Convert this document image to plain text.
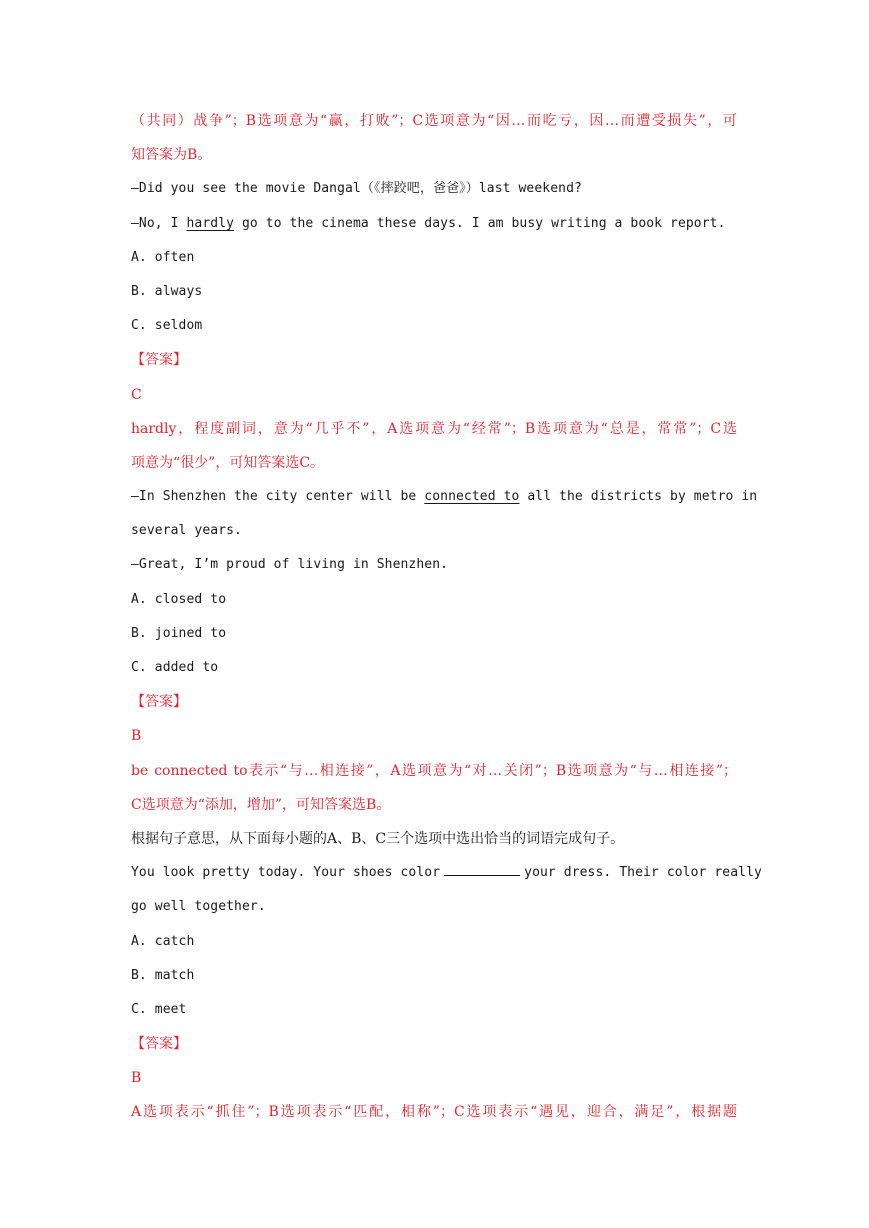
（共同）战争”；B选项意为“赢，打败”；C选项意为“因…而吃亏，因…而遭受损失”，可
知答案为B。
—Did you see the movie Dangal（《摔跤吧，爸爸》）last weekend?
—No, I hardly go to the cinema these days. I am busy writing a book report.
A. often
B. always
C. seldom
【答案】
C
hardly，程度副词，意为“几乎不”，A选项意为“经常”；B选项意为“总是，常常”；C选
项意为“很少”，可知答案选C。
—In Shenzhen the city center will be connected to all the districts by metro in
several years.
—Great, I’m proud of living in Shenzhen.
A. closed to
B. joined to
C. added to
【答案】
B
be connected to表示“与…相连接”，A选项意为“对…关闭”；B选项意为“与…相连接”；
C选项意为“添加，增加”，可知答案选B。
根据句子意思，从下面每小题的A、B、C三个选项中选出恰当的词语完成句子。
You look pretty today. Your shoes color	your dress. Their color really
go well together.
A. catch
B. match
C. meet
【答案】
B
A选项表示“抓住”；B选项表示“匹配，相称”；C选项表示“遇见，迎合，满足”，根据题
